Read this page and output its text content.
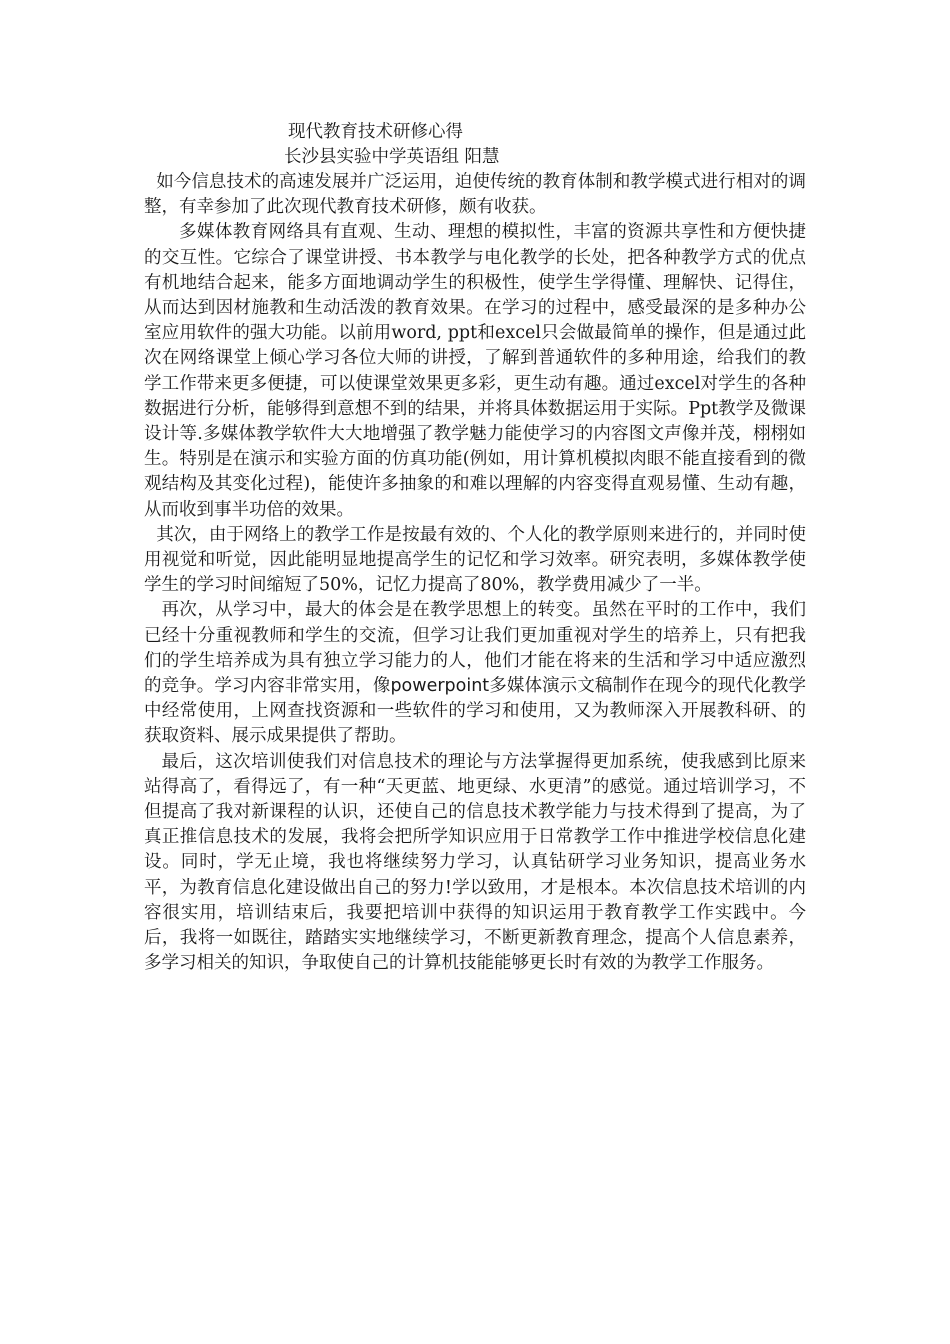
现代教育技术研修心得

长沙县实验中学英语组 阳慧

如今信息技术的高速发展并广泛运用，迫使传统的教育体制和教学模式进行相对的调整，有幸参加了此次现代教育技术研修，颇有收获。

多媒体教育网络具有直观、生动、理想的模拟性，丰富的资源共享性和方便快捷的交互性。它综合了课堂讲授、书本教学与电化教学的长处，把各种教学方式的优点有机地结合起来，能多方面地调动学生的积极性，使学生学得懂、理解快、记得住，从而达到因材施教和生动活泼的教育效果。在学习的过程中，感受最深的是多种办公室应用软件的强大功能。以前用word, ppt和excel只会做最简单的操作，但是通过此次在网络课堂上倾心学习各位大师的讲授，了解到普通软件的多种用途，给我们的教学工作带来更多便捷，可以使课堂效果更多彩，更生动有趣。通过excel对学生的各种数据进行分析，能够得到意想不到的结果，并将具体数据运用于实际。Ppt教学及微课设计等.多媒体教学软件大大地增强了教学魅力能使学习的内容图文声像并茂，栩栩如生。特别是在演示和实验方面的仿真功能(例如，用计算机模拟肉眼不能直接看到的微观结构及其变化过程)，能使许多抽象的和难以理解的内容变得直观易懂、生动有趣，从而收到事半功倍的效果。

其次，由于网络上的教学工作是按最有效的、个人化的教学原则来进行的，并同时使用视觉和听觉，因此能明显地提高学生的记忆和学习效率。研究表明，多媒体教学使学生的学习时间缩短了50%，记忆力提高了80%，教学费用减少了一半。

再次，从学习中，最大的体会是在教学思想上的转变。虽然在平时的工作中，我们已经十分重视教师和学生的交流，但学习让我们更加重视对学生的培养上，只有把我们的学生培养成为具有独立学习能力的人，他们才能在将来的生活和学习中适应激烈的竞争。学习内容非常实用，像powerpoint多媒体演示文稿制作在现今的现代化教学中经常使用，上网查找资源和一些软件的学习和使用，又为教师深入开展教科研、的获取资料、展示成果提供了帮助。

最后，这次培训使我们对信息技术的理论与方法掌握得更加系统，使我感到比原来站得高了，看得远了，有一种“天更蓝、地更绿、水更清”的感觉。通过培训学习，不但提高了我对新课程的认识，还使自己的信息技术教学能力与技术得到了提高，为了真正推信息技术的发展，我将会把所学知识应用于日常教学工作中推进学校信息化建设。同时，学无止境，我也将继续努力学习，认真钻研学习业务知识，提高业务水平，为教育信息化建设做出自己的努力!学以致用，才是根本。本次信息技术培训的内容很实用，培训结束后，我要把培训中获得的知识运用于教育教学工作实践中。今后，我将一如既往，踏踏实实地继续学习，不断更新教育理念，提高个人信息素养，多学习相关的知识，争取使自己的计算机技能能够更长时有效的为教学工作服务。
